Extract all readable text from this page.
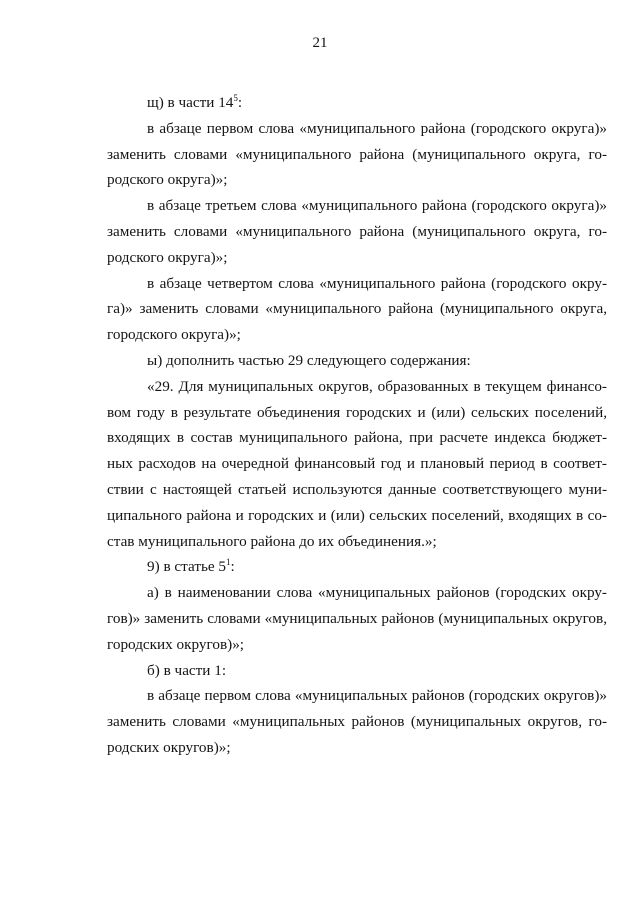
21
щ) в части $14^5$:
в абзаце первом слова «муниципального района (городского округа)»
заменить словами «муниципального района (муниципального округа, го-
родского округа)»;
в абзаце третьем слова «муниципального района (городского округа)»
заменить словами «муниципального района (муниципального округа, го-
родского округа)»;
в абзаце четвертом слова «муниципального района (городского окру-
га)» заменить словами «муниципального района (муниципального округа,
городского округа)»;
ы) дополнить частью 29 следующего содержания:
«29. Для муниципальных округов, образованных в текущем финансо-
вом году в результате объединения городских и (или) сельских поселений,
входящих в состав муниципального района, при расчете индекса бюджет-
ных расходов на очередной финансовый год и плановый период в соответ-
ствии с настоящей статьей используются данные соответствующего муни-
ципального района и городских и (или) сельских поселений, входящих в со-
став муниципального района до их объединения.»;
9) в статье $5^1$:
а) в наименовании слова «муниципальных районов (городских окру-
гов)» заменить словами «муниципальных районов (муниципальных округов,
городских округов)»;
б) в части 1:
в абзаце первом слова «муниципальных районов (городских округов)»
заменить словами «муниципальных районов (муниципальных округов, го-
родских округов)»;
